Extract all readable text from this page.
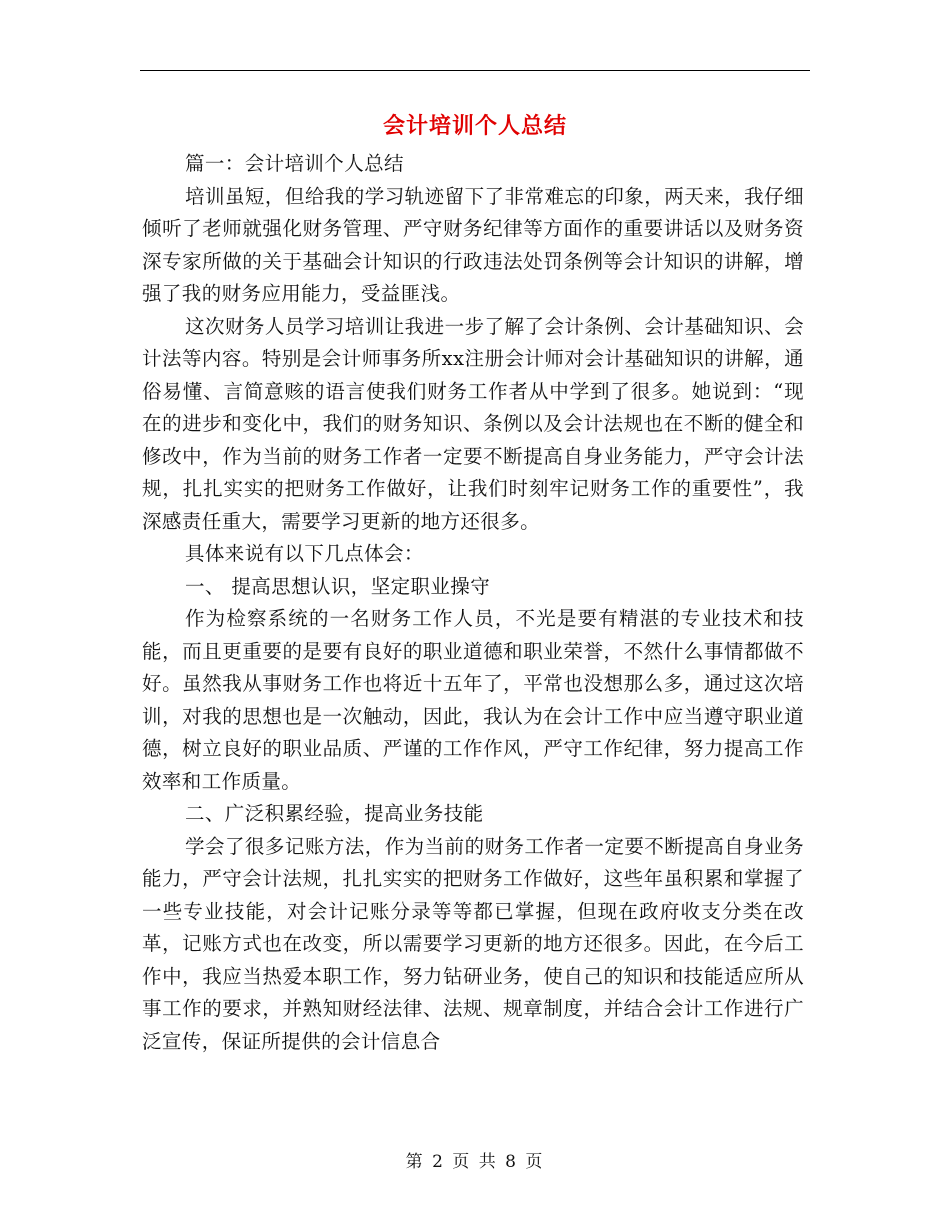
会计培训个人总结

篇一：会计培训个人总结

培训虽短，但给我的学习轨迹留下了非常难忘的印象，两天来，我仔细倾听了老师就强化财务管理、严守财务纪律等方面作的重要讲话以及财务资深专家所做的关于基础会计知识的行政违法处罚条例等会计知识的讲解，增强了我的财务应用能力，受益匪浅。

这次财务人员学习培训让我进一步了解了会计条例、会计基础知识、会计法等内容。特别是会计师事务所xx注册会计师对会计基础知识的讲解，通俗易懂、言简意赅的语言使我们财务工作者从中学到了很多。她说到：“现在的进步和变化中，我们的财务知识、条例以及会计法规也在不断的健全和修改中，作为当前的财务工作者一定要不断提高自身业务能力，严守会计法规，扎扎实实的把财务工作做好，让我们时刻牢记财务工作的重要性”，我深感责任重大，需要学习更新的地方还很多。

具体来说有以下几点体会：

一、 提高思想认识，坚定职业操守

作为检察系统的一名财务工作人员，不光是要有精湛的专业技术和技能，而且更重要的是要有良好的职业道德和职业荣誉，不然什么事情都做不好。虽然我从事财务工作也将近十五年了，平常也没想那么多，通过这次培训，对我的思想也是一次触动，因此，我认为在会计工作中应当遵守职业道德，树立良好的职业品质、严谨的工作作风，严守工作纪律，努力提高工作效率和工作质量。

二、广泛积累经验，提高业务技能

学会了很多记账方法，作为当前的财务工作者一定要不断提高自身业务能力，严守会计法规，扎扎实实的把财务工作做好，这些年虽积累和掌握了一些专业技能，对会计记账分录等等都已掌握，但现在政府收支分类在改革，记账方式也在改变，所以需要学习更新的地方还很多。因此，在今后工作中，我应当热爱本职工作，努力钻研业务，使自己的知识和技能适应所从事工作的要求，并熟知财经法律、法规、规章制度，并结合会计工作进行广泛宣传，保证所提供的会计信息合

第 2 页 共 8 页
